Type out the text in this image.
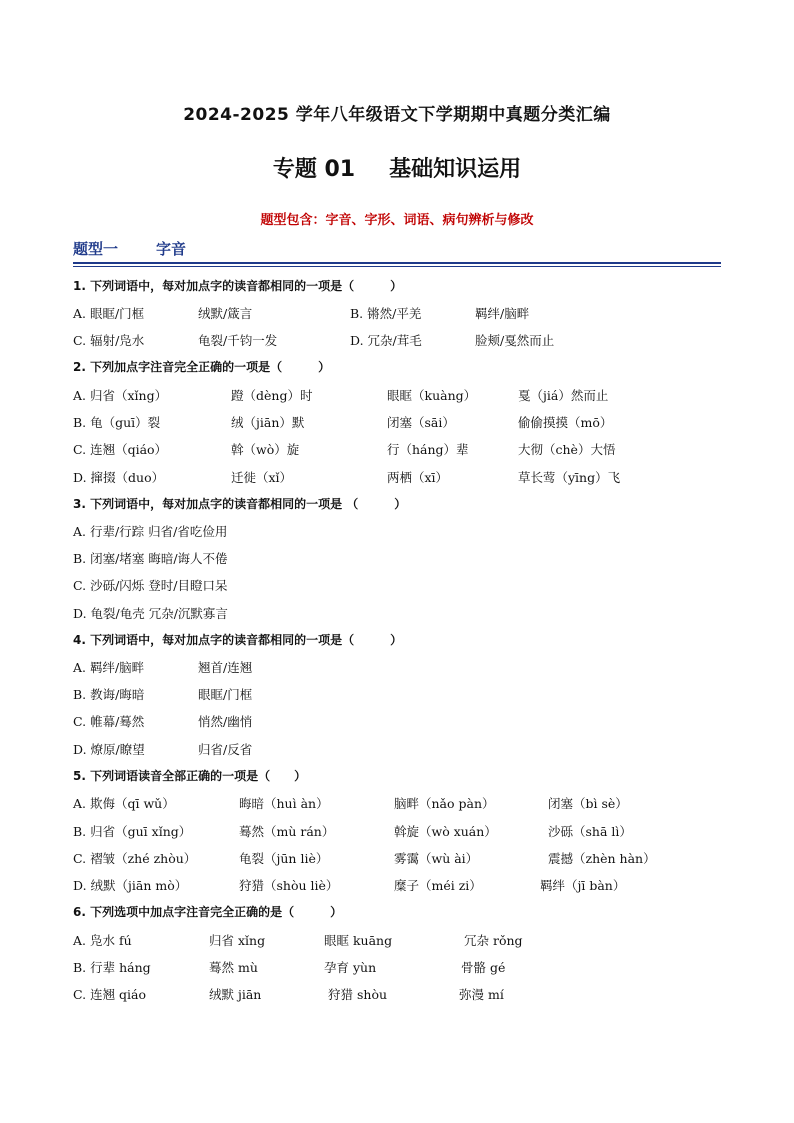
2024-2025 学年八年级语文下学期期中真题分类汇编
专题 01 基础知识运用
题型包含：字音、字形、词语、病句辨析与修改
题型一	字音
1. 下列词语中，每对加点字的读音都相同的一项是（　　　）
A. 眼眶/门框	绒默/箴言	B. 锵然/平羌	羁绊/脑畔
C. 辐射/凫水	龟裂/千钧一发	D. 冗杂/茸毛	脸颊/戛然而止
2. 下列加点字注音完全正确的一项是（　　　）
A. 归省（xǐng）	蹬（dèng）时	眼眶（kuàng）	戛（jiá）然而止
B. 龟（guī）裂	绒（jiān）默	闭塞（sāi）	偷偷摸摸（mō）
C. 连翘（qiáo）	斡（wò）旋	行（háng）辈	大彻（chè）大悟
D. 撺掇（duo）	迁徙（xǐ）	两栖（xī）	草长莺（yīng）飞
3. 下列词语中，每对加点字的读音都相同的一项是 （　　　）
A. 行辈/行踪 归省/省吃俭用
B. 闭塞/堵塞 晦暗/诲人不倦
C. 沙砾/闪烁 登时/目瞪口呆
D. 龟裂/龟壳 冗杂/沉默寡言
4. 下列词语中，每对加点字的读音都相同的一项是（　　　）
A. 羁绊/脑畔	翘首/连翘
B. 教诲/晦暗	眼眶/门框
C. 帷幕/蓦然	悄然/幽悄
D. 燎原/瞭望	归省/反省
5. 下列词语读音全部正确的一项是（　　）
A. 欺侮（qī wǔ）	晦暗（huì àn）	脑畔（nǎo pàn）	闭塞（bì sè）
B. 归省（guī xǐng）	蓦然（mù rán）	斡旋（wò xuán）	沙砾（shā lì）
C. 褶皱（zhé zhòu）	龟裂（jūn liè）	雾霭（wù ài）	震撼（zhèn hàn）
D. 绒默（jiān mò）	狩猎（shòu liè）	糜子（méi zi）	羁绊（jī bàn）
6. 下列选项中加点字注音完全正确的是（　　　）
A. 凫水 fú	归省 xǐng	眼眶 kuāng	冗杂 rǒng
B. 行辈 háng	蓦然 mù	孕育 yùn	骨骼 gé
C. 连翘 qiáo	绒默 jiān	狩猎 shòu	弥漫 mí
